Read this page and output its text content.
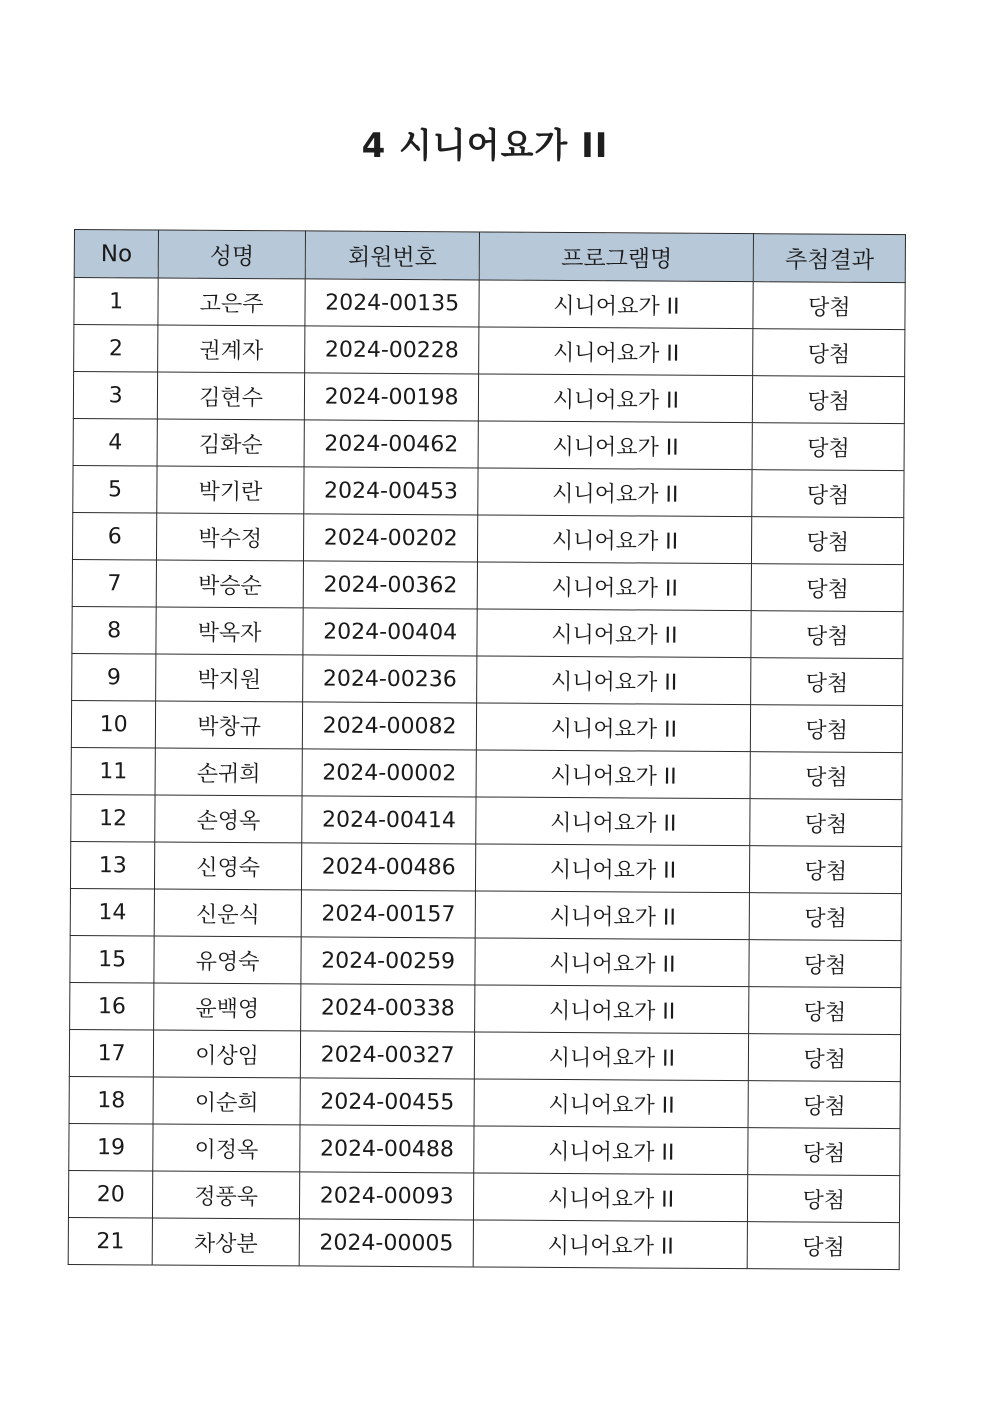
4 시니어요가 II
No	성명	회원번호	프로그램명	추첨결과
1	고은주	2024-00135	시니어요가 II	당첨
2	권계자	2024-00228	시니어요가 II	당첨
3	김현수	2024-00198	시니어요가 II	당첨
4	김화순	2024-00462	시니어요가 II	당첨
5	박기란	2024-00453	시니어요가 II	당첨
6	박수정	2024-00202	시니어요가 II	당첨
7	박승순	2024-00362	시니어요가 II	당첨
8	박옥자	2024-00404	시니어요가 II	당첨
9	박지원	2024-00236	시니어요가 II	당첨
10	박창규	2024-00082	시니어요가 II	당첨
11	손귀희	2024-00002	시니어요가 II	당첨
12	손영옥	2024-00414	시니어요가 II	당첨
13	신영숙	2024-00486	시니어요가 II	당첨
14	신운식	2024-00157	시니어요가 II	당첨
15	유영숙	2024-00259	시니어요가 II	당첨
16	윤백영	2024-00338	시니어요가 II	당첨
17	이상임	2024-00327	시니어요가 II	당첨
18	이순희	2024-00455	시니어요가 II	당첨
19	이정옥	2024-00488	시니어요가 II	당첨
20	정풍욱	2024-00093	시니어요가 II	당첨
21	차상분	2024-00005	시니어요가 II	당첨
